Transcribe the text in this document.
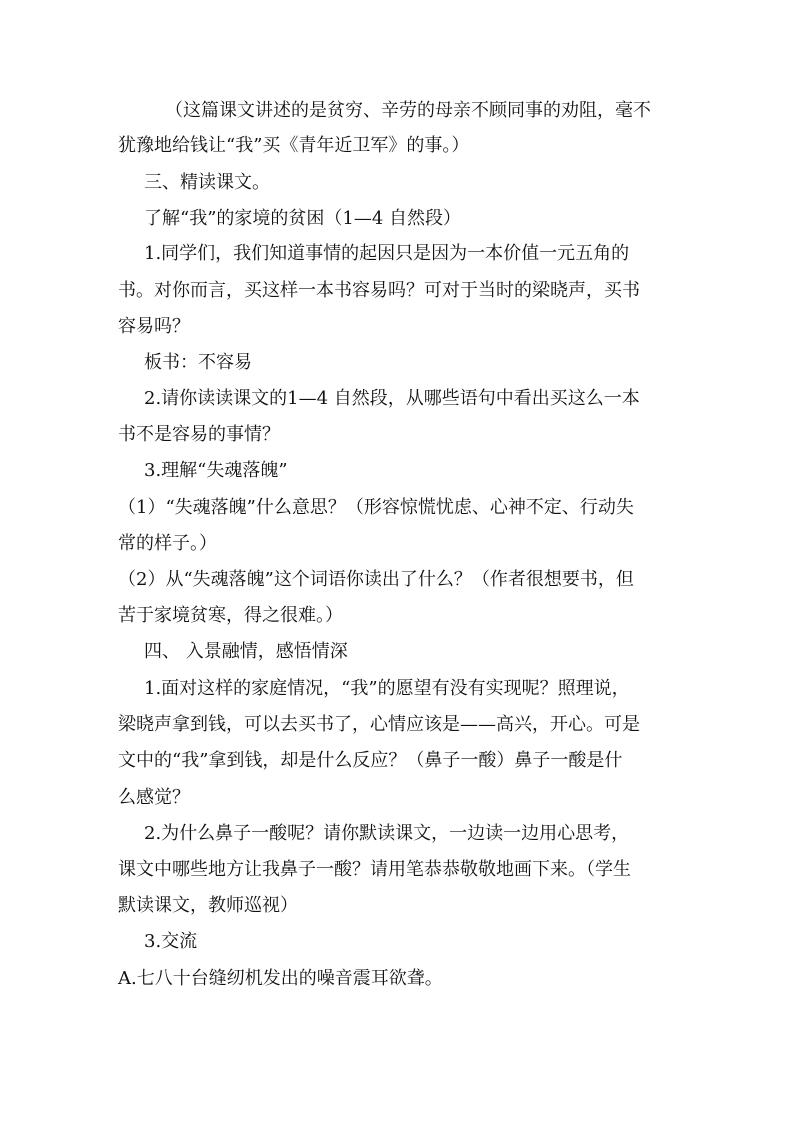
（这篇课文讲述的是贫穷、辛劳的母亲不顾同事的劝阻，毫不
犹豫地给钱让“我”买《青年近卫军》的事。）
三、精读课文。
了解“我”的家境的贫困（1—4 自然段）
1.同学们，我们知道事情的起因只是因为一本价值一元五角的
书。对你而言，买这样一本书容易吗？可对于当时的梁晓声，买书
容易吗？
板书：不容易
2.请你读读课文的1—4 自然段，从哪些语句中看出买这么一本
书不是容易的事情？
3.理解“失魂落魄”
（1）“失魂落魄”什么意思？（形容惊慌忧虑、心神不定、行动失
常的样子。）
（2）从“失魂落魄”这个词语你读出了什么？（作者很想要书，但
苦于家境贫寒，得之很难。）
四、 入景融情，感悟情深
1.面对这样的家庭情况，“我”的愿望有没有实现呢？照理说，
梁晓声拿到钱，可以去买书了，心情应该是——高兴，开心。可是
文中的“我”拿到钱，却是什么反应？（鼻子一酸）鼻子一酸是什
么感觉？
2.为什么鼻子一酸呢？请你默读课文，一边读一边用心思考，
课文中哪些地方让我鼻子一酸？请用笔恭恭敬敬地画下来。（学生
默读课文，教师巡视）
3.交流
A.七八十台缝纫机发出的噪音震耳欲聋。
